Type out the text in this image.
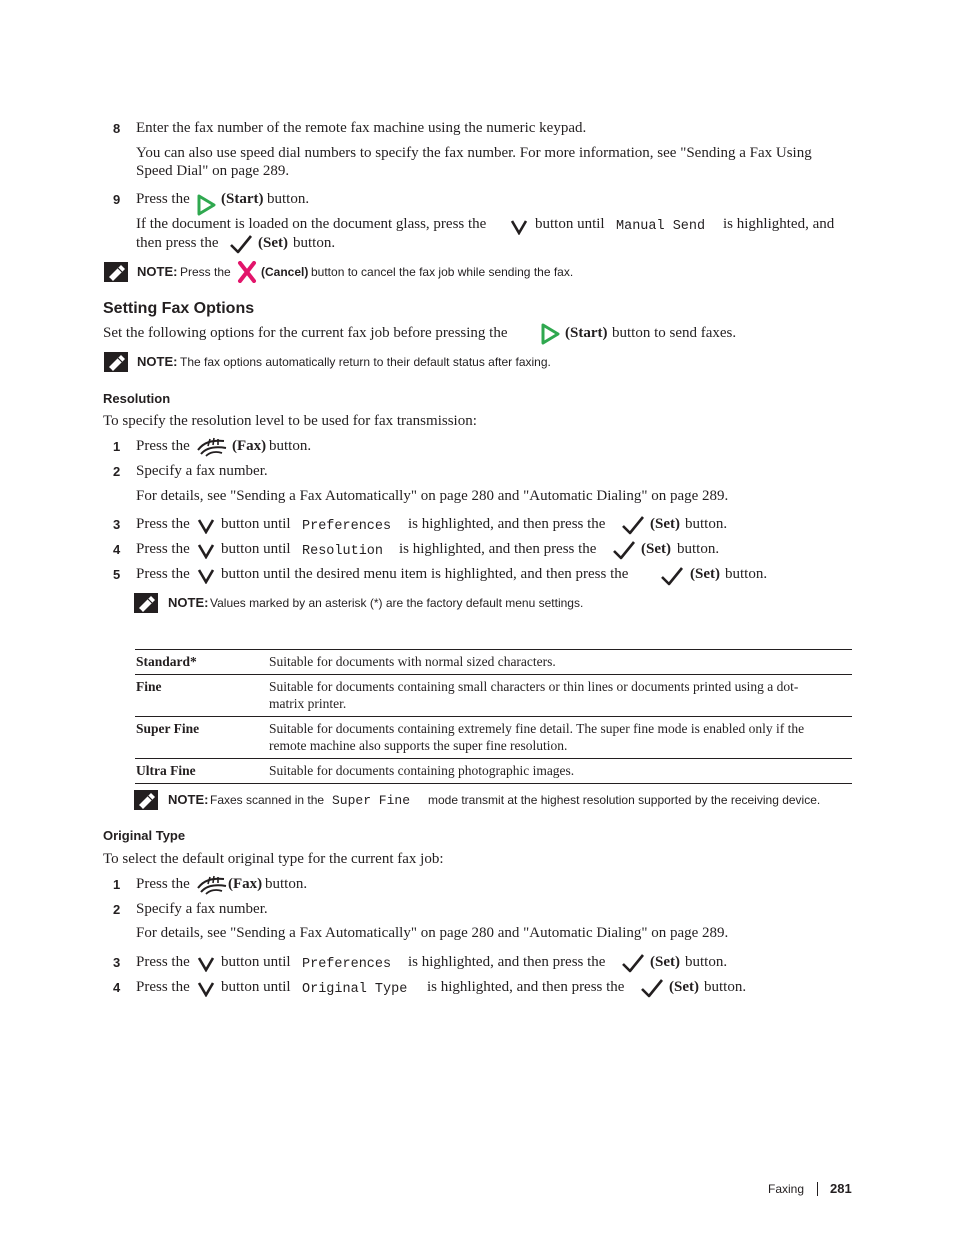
8 Enter the fax number of the remote fax machine using the numeric keypad.
You can also use speed dial numbers to specify the fax number. For more information, see "Sending a Fax Using
Speed Dial" on page 289.
9 Press the (Start) button.
If the document is loaded on the document glass, press the	button until Manual Send is highlighted, and
then press the	(Set) button.
NOTE: Press the	(Cancel) button to cancel the fax job while sending the fax.
Setting Fax Options
Set the following options for the current fax job before pressing the	(Start) button to send faxes.
NOTE: The fax options automatically return to their default status after faxing.
Resolution
To specify the resolution level to be used for fax transmission:
1 Press the	(Fax) button.
2 Specify a fax number.
For details, see "Sending a Fax Automatically" on page 280 and "Automatic Dialing" on page 289.
3 Press the button until Preferences is highlighted, and then press the	(Set) button.
4 Press the button until Resolution is highlighted, and then press the	(Set) button.
5 Press the button until the desired menu item is highlighted, and then press the	(Set) button.
NOTE: Values marked by an asterisk (*) are the factory default menu settings.
Standard*	Suitable for documents with normal sized characters.

Fine	Suitable for documents containing small characters or thin lines or documents printed using a dot-
matrix printer.

Super Fine	Suitable for documents containing extremely fine detail. The super fine mode is enabled only if the
remote machine also supports the super fine resolution.

Ultra Fine	Suitable for documents containing photographic images.
NOTE: Faxes scanned in the Super Fine mode transmit at the highest resolution supported by the receiving device.
Original Type
To select the default original type for the current fax job:
1 Press the	(Fax) button.
2 Specify a fax number.
For details, see "Sending a Fax Automatically" on page 280 and "Automatic Dialing" on page 289.
3 Press the button until Preferences is highlighted, and then press the	(Set) button.
4 Press the button until Original Type is highlighted, and then press the	(Set) button.
Faxing 281
